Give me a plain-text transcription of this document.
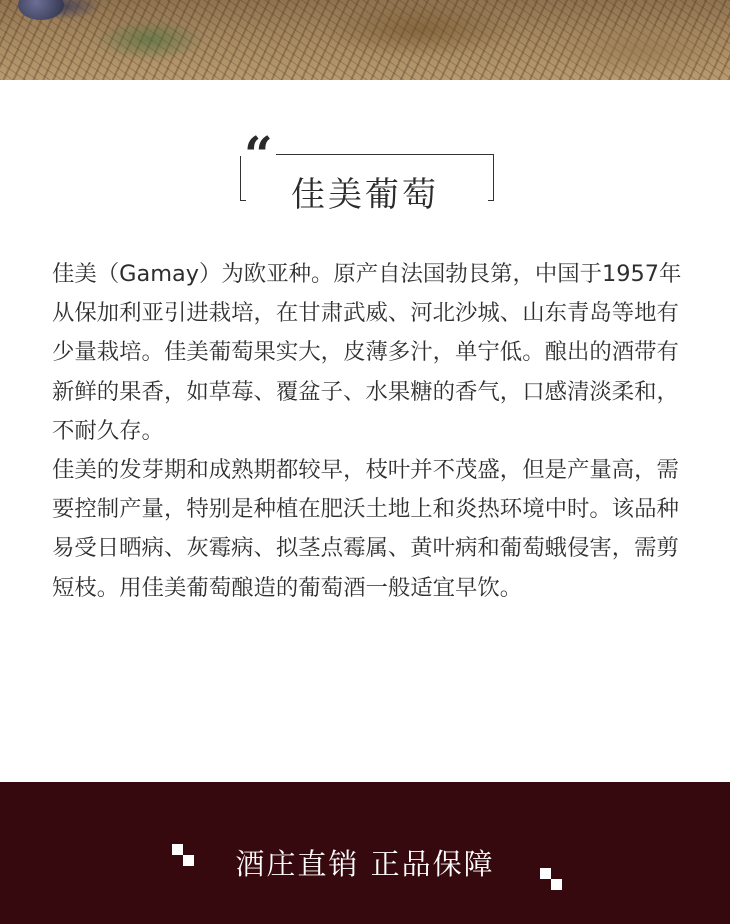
“
佳美葡萄

佳美（Gamay）为欧亚种。原产自法国勃艮第，中国于1957年从保加利亚引进栽培，在甘肃武威、河北沙城、山东青岛等地有少量栽培。佳美葡萄果实大，皮薄多汁，单宁低。酿出的酒带有新鲜的果香，如草莓、覆盆子、水果糖的香气，口感清淡柔和，不耐久存。

佳美的发芽期和成熟期都较早，枝叶并不茂盛，但是产量高，需要控制产量，特别是种植在肥沃土地上和炎热环境中时。该品种易受日晒病、灰霉病、拟茎点霉属、黄叶病和葡萄蛾侵害，需剪短枝。用佳美葡萄酿造的葡萄酒一般适宜早饮。

酒庄直销 正品保障
